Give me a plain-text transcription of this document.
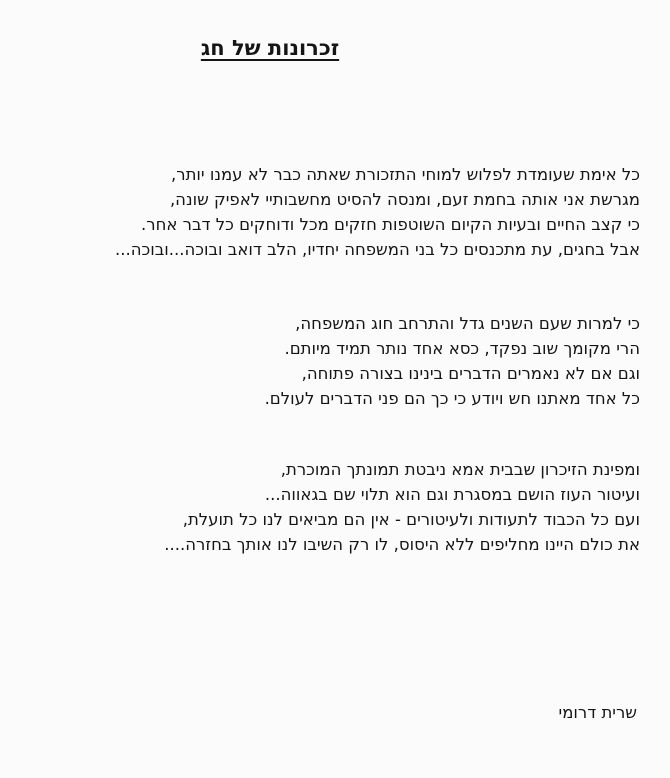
זכרונות של חג
כל אימת שעומדת לפלוש למוחי התזכורת שאתה כבר לא עמנו יותר,
מגרשת אני אותה בחמת זעם, ומנסה להסיט מחשבותיי לאפיק שונה,
כי קצב החיים ובעיות הקיום השוטפות חזקים מכל ודוחקים כל דבר אחר.
אבל בחגים, עת מתכנסים כל בני המשפחה יחדיו, הלב דואב ובוכה...ובוכה...
כי למרות שעם השנים גדל והתרחב חוג המשפחה,
הרי מקומך שוב נפקד, כסא אחד נותר תמיד מיותם.
וגם אם לא נאמרים הדברים בינינו בצורה פתוחה,
כל אחד מאתנו חש ויודע כי כך הם פני הדברים לעולם.
ומפינת הזיכרון שבבית אמא ניבטת תמונתך המוכרת,
ועיטור העוז הושם במסגרת וגם הוא תלוי שם בגאווה...
ועם כל הכבוד לתעודות ולעיטורים - אין הם מביאים לנו כל תועלת,
את כולם היינו מחליפים ללא היסוס, לו רק השיבו לנו אותך בחזרה....

שרית דרומי
